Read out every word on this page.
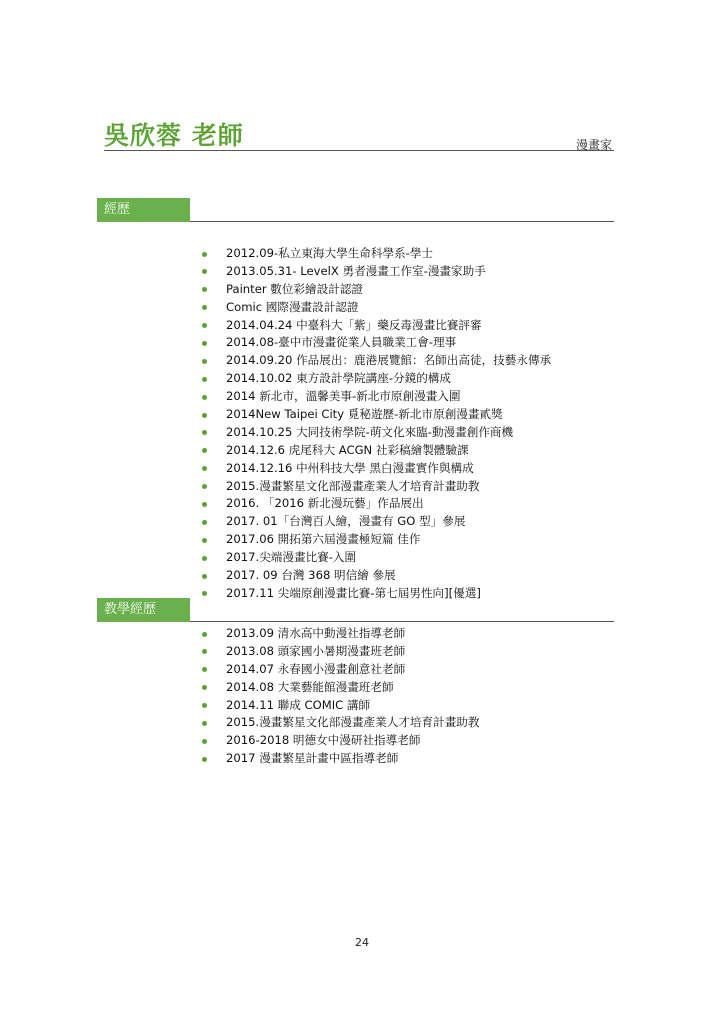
吳欣蓉 老師	漫畫家
經歷
2012.09-私立東海大學生命科學系-學士
2013.05.31- LevelX 勇者漫畫工作室-漫畫家助手
Painter 數位彩繪設計認證
Comic 國際漫畫設計認證
2014.04.24 中臺科大「紫」藥反毒漫畫比賽評審
2014.08-臺中市漫畫從業人員職業工會-理事
2014.09.20 作品展出：鹿港展覽館：名師出高徒，技藝永傳承
2014.10.02 東方設計學院講座-分鏡的構成
2014 新北市，溫馨美事-新北市原創漫畫入圍
2014New Taipei City 覓秘遊歷-新北市原創漫畫貳獎
2014.10.25 大同技術學院-萌文化來臨-動漫畫創作商機
2014.12.6 虎尾科大 ACGN 社彩稿繪製體驗課
2014.12.16 中州科技大學 黑白漫畫實作與構成
2015.漫畫繁星文化部漫畫產業人才培育計畫助教
2016. 「2016 新北漫玩藝」作品展出
2017. 01「台灣百人繪，漫畫有 GO 型」參展
2017.06 開拓第六屆漫畫極短篇 佳作
2017.尖端漫畫比賽-入圍
2017. 09 台灣 368 明信繪 參展
2017.11 尖端原創漫畫比賽-第七屆男性向][優選]
教學經歷
2013.09 清水高中動漫社指導老師
2013.08 頭家國小暑期漫畫班老師
2014.07 永春國小漫畫創意社老師
2014.08 大業藝能館漫畫班老師
2014.11 聯成 COMIC 講師
2015.漫畫繁星文化部漫畫產業人才培育計畫助教
2016-2018 明德女中漫研社指導老師
2017 漫畫繁星計畫中區指導老師
24
